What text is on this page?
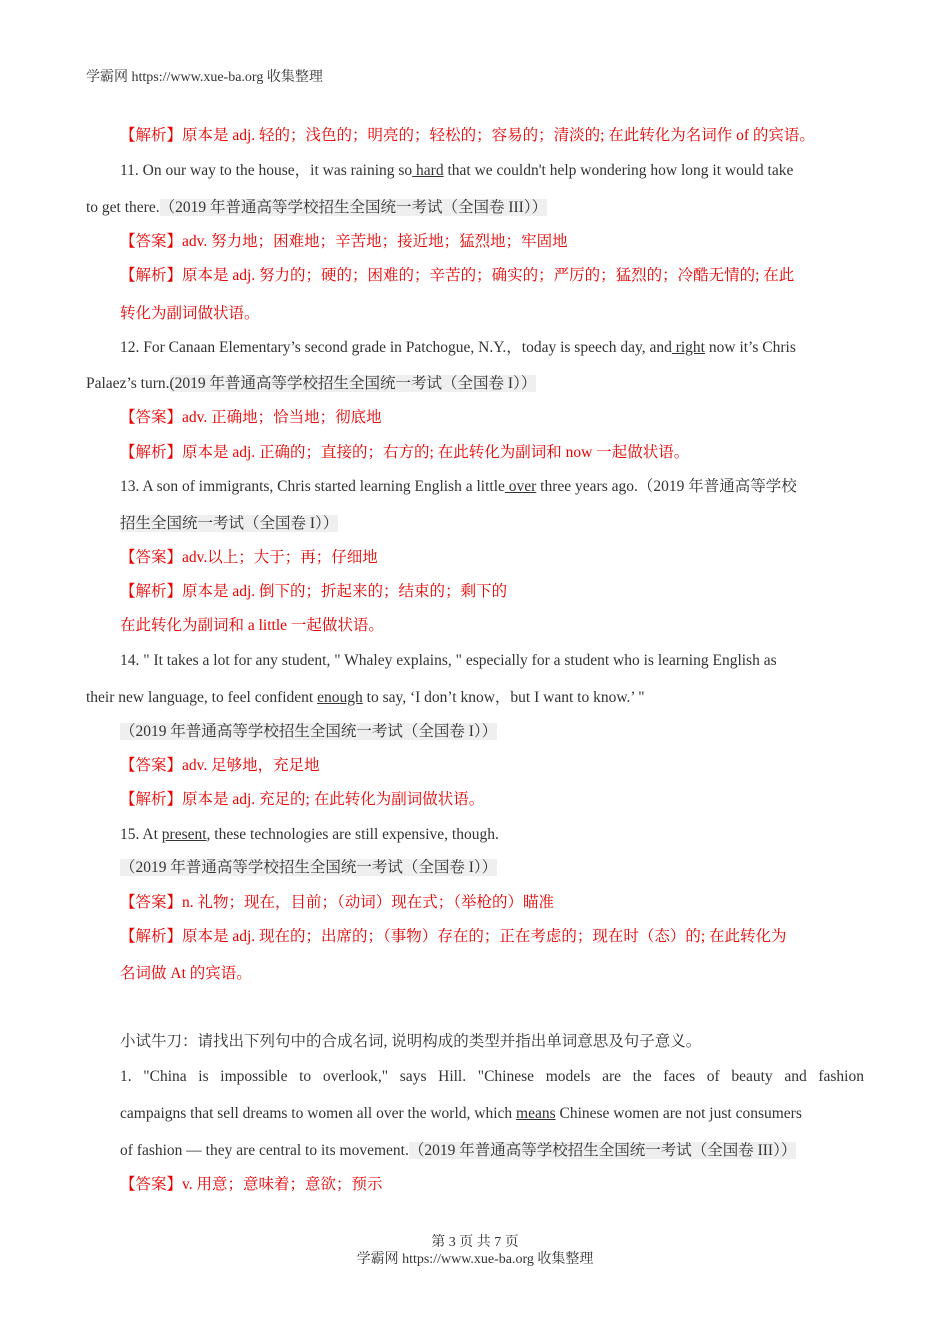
学霸网 https://www.xue-ba.org 收集整理
【解析】原本是 adj. 轻的；浅色的；明亮的；轻松的；容易的；清淡的; 在此转化为名词作 of 的宾语。
11. On our way to the house，it was raining so hard that we couldn't help wondering how long it would take
to get there.（2019 年普通高等学校招生全国统一考试（全国卷 III））
【答案】adv. 努力地；困难地；辛苦地；接近地；猛烈地；牢固地
【解析】原本是 adj. 努力的；硬的；困难的；辛苦的；确实的；严厉的；猛烈的；冷酷无情的; 在此
转化为副词做状语。
12. For Canaan Elementary’s second grade in Patchogue, N.Y.，today is speech day, and right now it’s Chris
Palaez’s turn.(2019 年普通高等学校招生全国统一考试（全国卷 I））
【答案】adv. 正确地；恰当地；彻底地
【解析】原本是 adj. 正确的；直接的；右方的; 在此转化为副词和 now 一起做状语。
13. A son of immigrants, Chris started learning English a little over three years ago.（2019 年普通高等学校
招生全国统一考试（全国卷 I））
【答案】adv.以上；大于；再；仔细地
【解析】原本是 adj. 倒下的；折起来的；结束的；剩下的
在此转化为副词和 a little 一起做状语。
14. " It takes a lot for any student, " Whaley explains, " especially for a student who is learning English as
their new language, to feel confident enough to say, ‘I don’t know，but I want to know.’ "
（2019 年普通高等学校招生全国统一考试（全国卷 I））
【答案】adv. 足够地，充足地
【解析】原本是 adj. 充足的; 在此转化为副词做状语。
15. At present, these technologies are still expensive, though.
（2019 年普通高等学校招生全国统一考试（全国卷 I））
【答案】n. 礼物；现在，目前；（动词）现在式；（举枪的）瞄准
【解析】原本是 adj. 现在的；出席的；（事物）存在的；正在考虑的；现在时（态）的; 在此转化为
名词做 At 的宾语。
小试牛刀：请找出下列句中的合成名词, 说明构成的类型并指出单词意思及句子意义。
1. "China is impossible to overlook," says Hill. "Chinese models are the faces of beauty and fashion
campaigns that sell dreams to women all over the world, which means Chinese women are not just consumers
of fashion — they are central to its movement.（2019 年普通高等学校招生全国统一考试（全国卷 III））
【答案】v. 用意；意味着；意欲；预示
第 3 页 共 7 页
学霸网 https://www.xue-ba.org 收集整理
